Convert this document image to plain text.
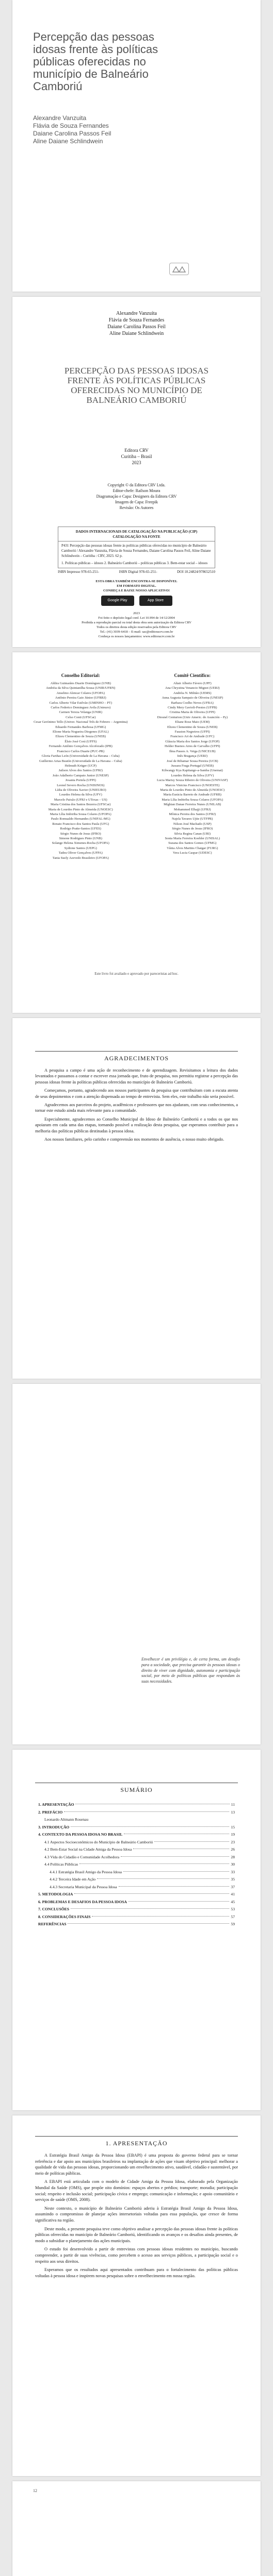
Percepção das pessoas idosas frente às políticas públicas oferecidas no município de Balneário Camboriú
Alexandre Vanzuita
Flávia de Souza Fernandes
Daiane Carolina Passos Feil
Aline Daiane Schlindwein
Alexandre Vanzuita
Flávia de Souza Fernandes
Daiane Carolina Passos Feil
Aline Daiane Schlindwein
PERCEPÇÃO DAS PESSOAS IDOSAS FRENTE ÀS POLÍTICAS PÚBLICAS OFERECIDAS NO MUNICÍPIO DE BALNEÁRIO CAMBORIÚ
Editora CRV
Curitiba – Brasil
2023
Copyright © da Editora CRV Ltda.
Editor-chefe: Railson Moura
Diagramação e Capa: Designers da Editora CRV
Imagem de Capa: Freepik
Revisão: Os Autores
DADOS INTERNACIONAIS DE CATALOGAÇÃO NA PUBLICAÇÃO (CIP) CATALOGAÇÃO NA FONTE
P431 Percepção das pessoas idosas frente às políticas públicas oferecidas no município de Balneário Camboriú / Alexandre Vanzuita, Flávia de Souza Fernandes, Daiane Carolina Passos Feil, Aline Daiane Schlindwein – Curitiba : CRV, 2023. 62 p.
1. Políticas públicas – idosos 2. Balneário Camboriú – políticas públicas 3. Bem-estar social – idosos
ISBN Impresso 978-65-251-	ISBN Digital 978-65-251-	DOI 10.24824/978652510
ESTA OBRA TAMBÉM ENCONTRA-SE DISPONÍVEL
EM FORMATO DIGITAL.
CONHEÇA E BAIXE NOSSO APLICATIVO!
Google Play	App Store
2023
Foi feito o depósito legal conf. Lei 10.994 de 14/12/2004
Proibida a reprodução parcial ou total desta obra sem autorização da Editora CRV
Todos os direitos desta edição reservados pela Editora CRV
Tel.: (41) 3039-6418 – E-mail: sac@editoracrv.com.br
Conheça os nossos lançamentos: www.editoracrv.com.br
Conselho Editorial:
Aldira Guimarães Duarte Domínguez (UNB)
Andréia da Silva Quintanilha Sousa (UNIR/UFRN)
Anselmo Alencar Colares (UFOPA)
Antônio Pereira Gaio Júnior (UFRRJ)
Carlos Alberto Vilar Estêvão (UMINHO – PT)
Carlos Federico Dominguez Avila (Unieuro)
Carmen Tereza Velanga (UNIR)
Celso Conti (UFSCar)
Cesar Gerónimo Tello (Univer. Nacional Três de Febrero – Argentina)
Eduardo Fernandes Barbosa (UFMG)
Elione Maria Nogueira Diogenes (UFAL)
Elizeu Clementino de Souza (UNEB)
Élsio José Corá (UFFS)
Fernando Antônio Gonçalves Alcoforado (IPB)
Francisco Carlos Duarte (PUC-PR)
Gloria Fariñas León (Universidade de La Havana – Cuba)
Guillermo Arias Beatón (Universidade de La Havana – Cuba)
Helmuth Krüger (UCP)
Jailson Alves dos Santos (UFRJ)
João Adalberto Campato Junior (UNESP)
Josania Portela (UFPI)
Leonel Severo Rocha (UNISINOS)
Lídia de Oliveira Xavier (UNIEURO)
Lourdes Helena da Silva (UFV)
Marcelo Paixão (UFRJ e UTexas – US)
Maria Cristina dos Santos Bezerra (UFSCar)
Maria de Lourdes Pinto de Almeida (UNOESC)
Maria Lília Imbiriba Sousa Colares (UFOPA)
Paulo Romualdo Hernandes (UNIFAL-MG)
Renato Francisco dos Santos Paula (UFG)
Rodrigo Pratte-Santos (UFES)
Sérgio Nunes de Jesus (IFRO)
Simone Rodrigues Pinto (UNB)
Solange Helena Ximenes-Rocha (UFOPA)
Sydione Santos (UEPG)
Tadeu Oliver Gonçalves (UFPA)
Tania Suely Azevedo Brasileiro (UFOPA)
Comitê Científico:
Altair Alberto Fávero (UPF)
Ana Chrystina Venancio Mignot (UERJ)
Andréia N. Militão (UEMS)
Anna Augusta Sampaio de Oliveira (UNESP)
Barbara Coelho Neves (UFBA)
Cindy Mery Gavioli-Prestes (UFPB)
Cristina Maria de Oliveira (UFPI)
Diosnel Centurion (Univ Americ. de Asunción – Py)
Eliane Rose Maio (UEM)
Elizeu Clementino de Souza (UNEB)
Fauston Negreiros (UFPI)
Francisco Ari de Andrade (UFC)
Gláucia Maria dos Santos Jorge (UFOP)
Helder Buenos Aires de Carvalho (UFPI)
Ilma Passos A. Veiga (UNICEUB)
Inês Bragança (UERJ)
José de Ribamar Sousa Pereira (UCB)
Jussara Fraga Portugal (UNEB)
Kilwangy Kya Kapitango-a-Samba (Unemat)
Lourdes Helena da Silva (UFV)
Lucia Marisy Souza Ribeiro de Oliveira (UNIVASF)
Marcos Vinicius Francisco (UNOESTE)
Maria de Lourdes Pinto de Almeida (UNOESC)
Maria Eurácia Barreto de Andrade (UFRB)
Maria Lília Imbiriba Sousa Colares (UFOPA)
Míghian Danae Ferreira Nunes (UNILAB)
Mohammed Elhajji (UFRJ)
Mônica Pereira dos Santos (UFRJ)
Najela Tavares Ujiie (UTFPR)
Nilson José Machado (USP)
Sérgio Nunes de Jesus (IFRO)
Silvia Regina Canan (URI)
Sonia Maria Ferreira Koehler (UNISAL)
Suzana dos Santos Gomes (UFMG)
Vânia Alves Martins Chaigar (FURG)
Vera Lucia Gaspar (UDESC)
Este livro foi avaliado e aprovado por pareceristas ad hoc.
AGRADECIMENTOS

A pesquisa a campo é uma ação de reconhecimento e de aprendizagem. Revisitamos a leitura dos dados levantados e passamos a contar e escrever essa jornada que, fruto de pesquisa, nos permitiu registrar a percepção das pessoas idosas frente às políticas públicas oferecidas no município de Balneário Camboriú.

Começamos, portanto, agradecendo aos nossos participantes da pesquisa que contribuíram com a escuta atenta de seus depoimentos e com a atenção dispensada ao tempo de entrevista. Sem eles, este trabalho não seria possível.

Agradecemos aos parceiros do projeto, acadêmicos e professores que nos ajudaram, com seus conhecimentos, a tornar este estudo ainda mais relevante para a comunidade.

Especialmente, agradecemos ao Conselho Municipal do Idoso de Balneário Camboriú e a todos os que nos apoiaram em cada uma das etapas, tornando possível a realização desta pesquisa, que esperamos contribuir para a melhoria das políticas públicas destinadas à pessoa idosa.

Aos nossos familiares, pelo carinho e compreensão nos momentos de ausência, o nosso muito obrigado.

Envelhecer é um privilégio e, de certa forma, um desafio para a sociedade, que precisa garantir às pessoas idosas o direito de viver com dignidade, autonomia e participação social, por meio de políticas públicas que respondam às suas necessidades.
SUMÁRIO
1. APRESENTAÇÃO	11
2. PREFÁCIO	13
Leonardo Altmann Rosenau
3. INTRODUÇÃO	15
4. CONTEXTO DA PESSOA IDOSA NO BRASIL	19
4.1 Aspectos Socioeconômicos do Município de Balneário Camboriú	23
4.2 Bem-Estar Social na Cidade Amiga da Pessoa Idosa	26
4.3 Vida do Cidadão e Comunidade Acolhedora	28
4.4 Políticas Públicas	30
4.4.1 Estratégia Brasil Amigo da Pessoa Idosa	33
4.4.2 Terceira Idade em Ação	35
4.4.3 Secretaria Municipal da Pessoa Idosa	37
5. METODOLOGIA	41
6. PROBLEMAS E DESAFIOS DA PESSOA IDOSA	45
7. CONCLUSÕES	53
8. CONSIDERAÇÕES FINAIS	57
REFERÊNCIAS	59
1. APRESENTAÇÃO

A Estratégia Brasil Amigo da Pessoa Idosa (EBAPI) é uma proposta do governo federal para se tornar referência e dar apoio aos municípios brasileiros na implantação de ações que visam objetivo principal: melhorar a qualidade de vida das pessoas idosas, proporcionando um envelhecimento ativo, saudável, cidadão e sustentável, por meio de políticas públicas.

A EBAPI está articulada com o modelo de Cidade Amiga da Pessoa Idosa, elaborado pela Organização Mundial da Saúde (OMS), que propõe oito domínios: espaços abertos e prédios; transporte; moradia; participação social; respeito e inclusão social; participação cívica e emprego; comunicação e informação; e apoio comunitário e serviços de saúde (OMS, 2008).

Neste contexto, o município de Balneário Camboriú aderiu à Estratégia Brasil Amigo da Pessoa Idosa, assumindo o compromisso de planejar ações intersetoriais voltadas para essa população, que cresce de forma significativa na região.

Deste modo, a presente pesquisa teve como objetivo analisar a percepção das pessoas idosas frente às políticas públicas oferecidas no município de Balneário Camboriú, identificando os avanços e os desafios ainda presentes, de modo a subsidiar o planejamento das ações municipais.

O estudo foi desenvolvido a partir de entrevistas com pessoas idosas residentes no município, buscando compreender, a partir de suas vivências, como percebem o acesso aos serviços públicos, a participação social e o respeito aos seus direitos.

Esperamos que os resultados aqui apresentados contribuam para o fortalecimento das políticas públicas voltadas à pessoa idosa e inspirem novas pesquisas sobre o envelhecimento em nossa região.

12
